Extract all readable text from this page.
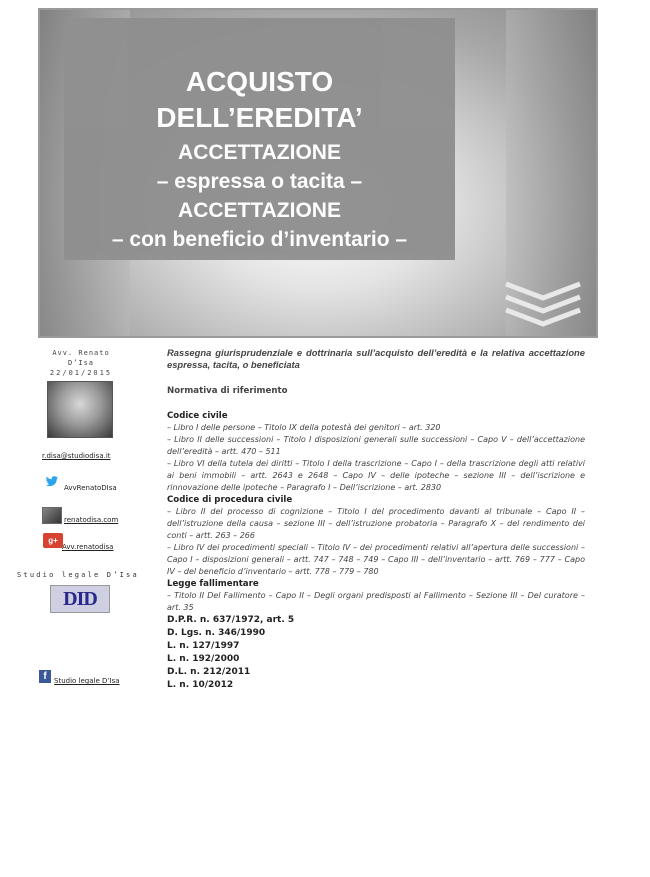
ACQUISTO
DELL’EREDITA’
ACCETTAZIONE
– espressa o tacita –
ACCETTAZIONE
– con beneficio d’inventario –
Avv. Renato D’Isa
22/01/2015
r.disa@studiodisa.it
AvvRenatoDIsa
renatodisa.com
g+
Avv.renatodisa
Studio legale D’Isa
DID
f	Studio legale D’Isa

Rassegna giurisprudenziale e dottrinaria sull’acquisto dell’eredità e la relativa accettazione espressa, tacita, o beneficiata

Normativa di riferimento
Codice civile
– Libro I delle persone – Titolo IX della potestà dei genitori – art. 320
– Libro II delle successioni – Titolo I disposizioni generali sulle successioni – Capo V – dell’accettazione dell’eredità – artt. 470 – 511
– Libro VI della tutela dei diritti – Titolo I della trascrizione – Capo I – della trascrizione degli atti relativi ai beni immobili – artt. 2643 e 2648 – Capo IV – delle ipoteche – sezione III – dell’iscrizione e rinnovazione delle ipoteche – Paragrafo I – Dell’iscrizione – art. 2830
Codice di procedura civile
– Libro II del processo di cognizione – Titolo I del procedimento davanti al tribunale – Capo II – dell’istruzione della causa – sezione III – dell’istruzione probatoria – Paragrafo X – del rendimento dei conti – artt. 263 – 266
– Libro IV dei procedimenti speciali – Titolo IV – dei procedimenti relativi all’apertura delle successioni – Capo I – disposizioni generali – artt. 747 – 748 – 749 – Capo III – dell’inventario – artt. 769 – 777 – Capo IV – del beneficio d’inventario – artt. 778 – 779 – 780
Legge fallimentare
– Titolo II Del Fallimento – Capo II – Degli organi predisposti al Fallimento – Sezione III – Del curatore – art. 35
D.P.R. n. 637/1972, art. 5
D. Lgs. n. 346/1990
L. n. 127/1997
L. n. 192/2000
D.L. n. 212/2011
L. n. 10/2012
